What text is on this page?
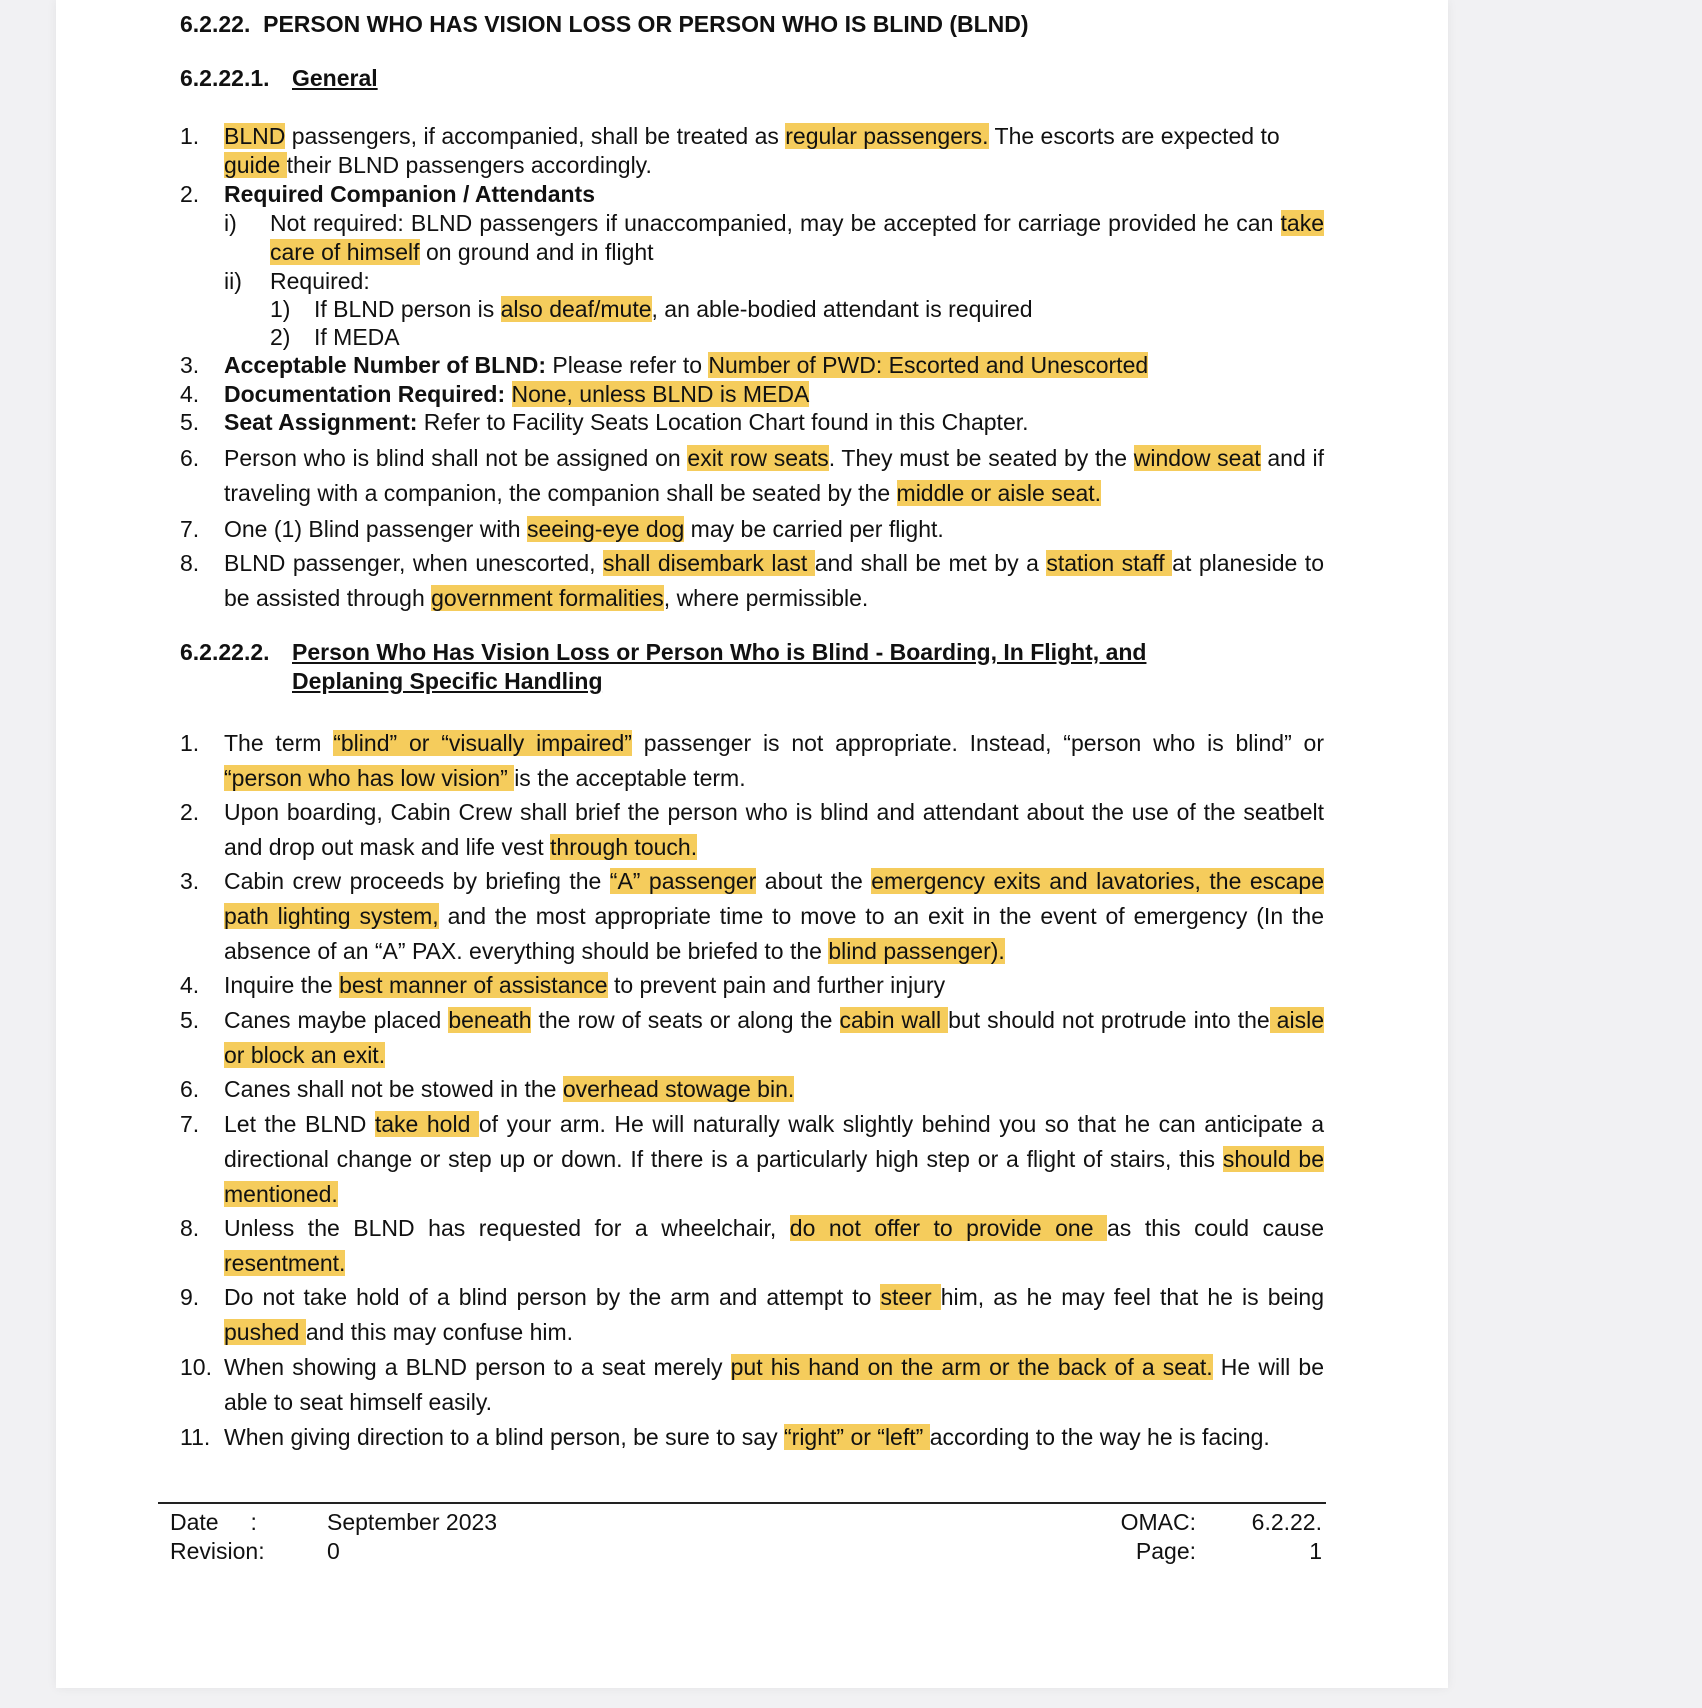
6.2.22. PERSON WHO HAS VISION LOSS OR PERSON WHO IS BLIND (BLND)
6.2.22.1. General
1. BLND passengers, if accompanied, shall be treated as regular passengers. The escorts are expected to guide their BLND passengers accordingly.
2. Required Companion / Attendants
i) Not required: BLND passengers if unaccompanied, may be accepted for carriage provided he can take care of himself on ground and in flight
ii) Required:
1) If BLND person is also deaf/mute, an able-bodied attendant is required
2) If MEDA
3. Acceptable Number of BLND: Please refer to Number of PWD: Escorted and Unescorted
4. Documentation Required: None, unless BLND is MEDA
5. Seat Assignment: Refer to Facility Seats Location Chart found in this Chapter.
6. Person who is blind shall not be assigned on exit row seats. They must be seated by the window seat and if traveling with a companion, the companion shall be seated by the middle or aisle seat.
7. One (1) Blind passenger with seeing-eye dog may be carried per flight.
8. BLND passenger, when unescorted, shall disembark last and shall be met by a station staff at planeside to be assisted through government formalities, where permissible.
6.2.22.2. Person Who Has Vision Loss or Person Who is Blind - Boarding, In Flight, and
Deplaning Specific Handling
1. The term “blind” or “visually impaired” passenger is not appropriate. Instead, “person who is blind” or “person who has low vision” is the acceptable term.
2. Upon boarding, Cabin Crew shall brief the person who is blind and attendant about the use of the seatbelt and drop out mask and life vest through touch.
3. Cabin crew proceeds by briefing the “A” passenger about the emergency exits and lavatories, the escape path lighting system, and the most appropriate time to move to an exit in the event of emergency (In the absence of an “A” PAX. everything should be briefed to the blind passenger).
4. Inquire the best manner of assistance to prevent pain and further injury
5. Canes maybe placed beneath the row of seats or along the cabin wall but should not protrude into the aisle or block an exit.
6. Canes shall not be stowed in the overhead stowage bin.
7. Let the BLND take hold of your arm. He will naturally walk slightly behind you so that he can anticipate a directional change or step up or down. If there is a particularly high step or a flight of stairs, this should be mentioned.
8. Unless the BLND has requested for a wheelchair, do not offer to provide one as this could cause resentment.
9. Do not take hold of a blind person by the arm and attempt to steer him, as he may feel that he is being pushed and this may confuse him.
10. When showing a BLND person to a seat merely put his hand on the arm or the back of a seat. He will be able to seat himself easily.
11. When giving direction to a blind person, be sure to say “right” or “left” according to the way he is facing.
Date     :
Revision:
September 2023
0
OMAC:
Page:
6.2.22.
1
